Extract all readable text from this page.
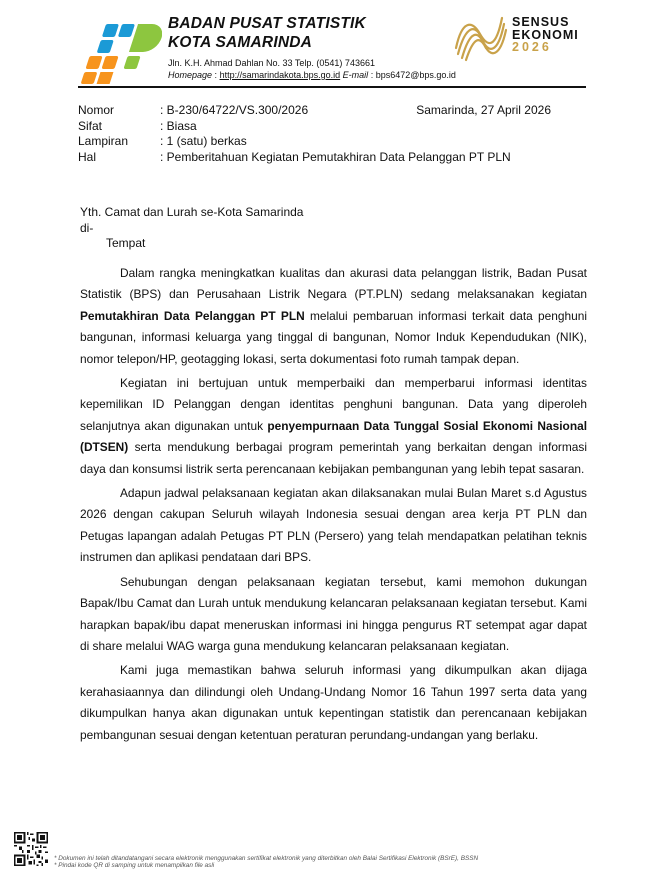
BADAN PUSAT STATISTIK
KOTA SAMARINDA
Jln. K.H. Ahmad Dahlan No. 33 Telp. (0541) 743661
Homepage : http://samarindakota.bps.go.id E-mail : bps6472@bps.go.id
SENSUS
EKONOMI
2026
Nomor	: B-230/64722/VS.300/2026	Samarinda, 27 April 2026
Sifat	: Biasa
Lampiran	: 1 (satu) berkas
Hal	: Pemberitahuan Kegiatan Pemutakhiran Data Pelanggan PT PLN
Yth. Camat dan Lurah se-Kota Samarinda
di-
Tempat

Dalam rangka meningkatkan kualitas dan akurasi data pelanggan listrik, Badan Pusat Statistik (BPS) dan Perusahaan Listrik Negara (PT.PLN) sedang melaksanakan kegiatan Pemutakhiran Data Pelanggan PT PLN melalui pembaruan informasi terkait data penghuni bangunan, informasi keluarga yang tinggal di bangunan, Nomor Induk Kependudukan (NIK), nomor telepon/HP, geotagging lokasi, serta dokumentasi foto rumah tampak depan.

Kegiatan ini bertujuan untuk memperbaiki dan memperbarui informasi identitas kepemilikan ID Pelanggan dengan identitas penghuni bangunan. Data yang diperoleh selanjutnya akan digunakan untuk penyempurnaan Data Tunggal Sosial Ekonomi Nasional (DTSEN) serta mendukung berbagai program pemerintah yang berkaitan dengan informasi daya dan konsumsi listrik serta perencanaan kebijakan pembangunan yang lebih tepat sasaran.

Adapun jadwal pelaksanaan kegiatan akan dilaksanakan mulai Bulan Maret s.d Agustus 2026 dengan cakupan Seluruh wilayah Indonesia sesuai dengan area kerja PT PLN dan Petugas lapangan adalah Petugas PT PLN (Persero) yang telah mendapatkan pelatihan teknis instrumen dan aplikasi pendataan dari BPS.

Sehubungan dengan pelaksanaan kegiatan tersebut, kami memohon dukungan Bapak/Ibu Camat dan Lurah untuk mendukung kelancaran pelaksanaan kegiatan tersebut. Kami harapkan bapak/ibu dapat meneruskan informasi ini hingga pengurus RT setempat agar dapat di share melalui WAG warga guna mendukung kelancaran pelaksanaan kegiatan.

Kami juga memastikan bahwa seluruh informasi yang dikumpulkan akan dijaga kerahasiaannya dan dilindungi oleh Undang-Undang Nomor 16 Tahun 1997 serta data yang dikumpulkan hanya akan digunakan untuk kepentingan statistik dan perencanaan kebijakan pembangunan sesuai dengan ketentuan peraturan perundang-undangan yang berlaku.

* Dokumen ini telah ditandatangani secara elektronik menggunakan sertifikat elektronik yang diterbitkan oleh Balai Sertifikasi Elektronik (BSrE), BSSN
* Pindai kode QR di samping untuk menampilkan file asli
